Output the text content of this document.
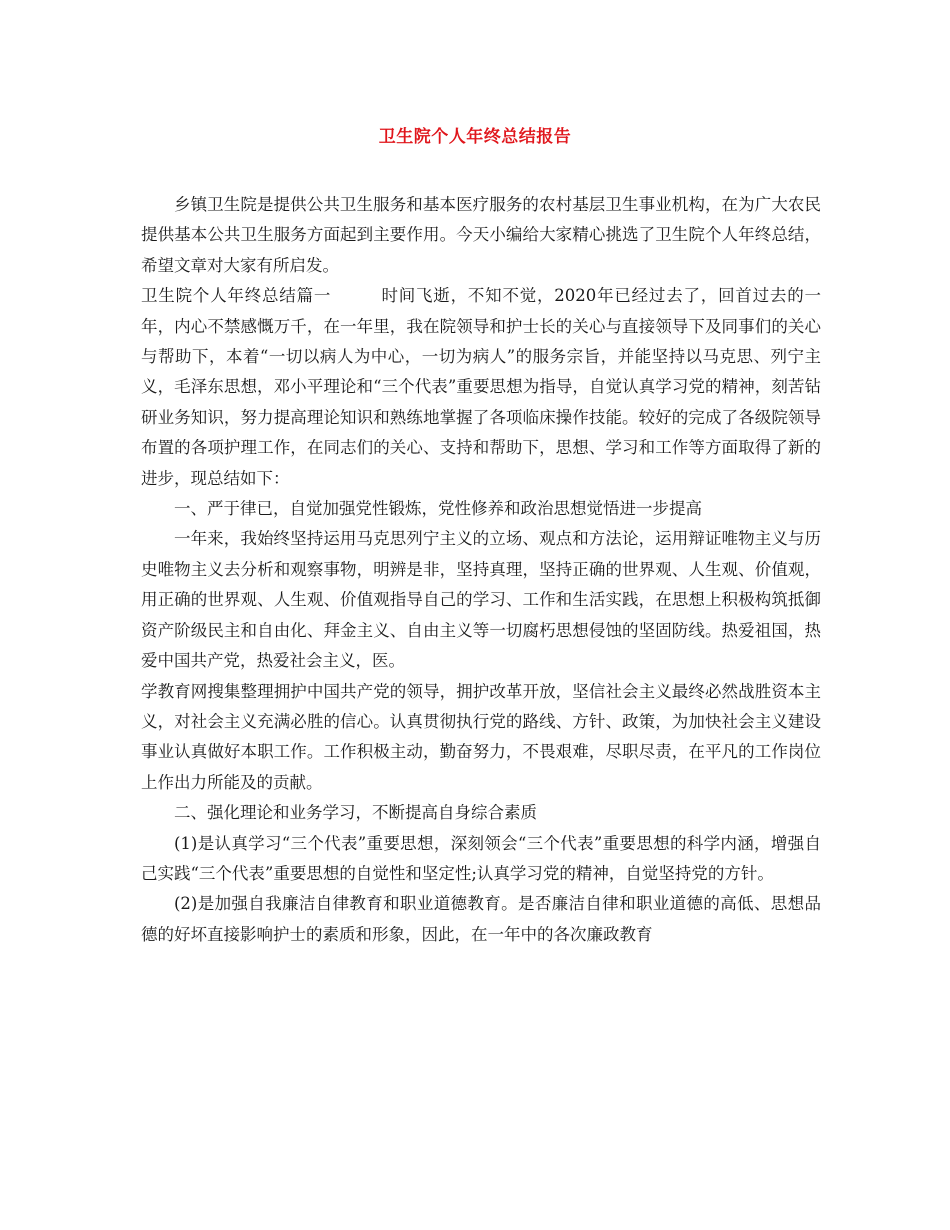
卫生院个人年终总结报告

乡镇卫生院是提供公共卫生服务和基本医疗服务的农村基层卫生事业机构，在为广大农民提供基本公共卫生服务方面起到主要作用。今天小编给大家精心挑选了卫生院个人年终总结，希望文章对大家有所启发。

卫生院个人年终总结篇一	时间飞逝，不知不觉，2020年已经过去了，回首过去的一年，内心不禁感慨万千，在一年里，我在院领导和护士长的关心与直接领导下及同事们的关心与帮助下，本着“一切以病人为中心，一切为病人”的服务宗旨，并能坚持以马克思、列宁主义，毛泽东思想，邓小平理论和“三个代表”重要思想为指导，自觉认真学习党的精神，刻苦钻研业务知识，努力提高理论知识和熟练地掌握了各项临床操作技能。较好的完成了各级院领导布置的各项护理工作，在同志们的关心、支持和帮助下，思想、学习和工作等方面取得了新的进步，现总结如下：

一、严于律已，自觉加强党性锻炼，党性修养和政治思想觉悟进一步提高

一年来，我始终坚持运用马克思列宁主义的立场、观点和方法论，运用辩证唯物主义与历史唯物主义去分析和观察事物，明辨是非，坚持真理，坚持正确的世界观、人生观、价值观，用正确的世界观、人生观、价值观指导自己的学习、工作和生活实践，在思想上积极构筑抵御资产阶级民主和自由化、拜金主义、自由主义等一切腐朽思想侵蚀的坚固防线。热爱祖国，热爱中国共产党，热爱社会主义，医。

学教育网搜集整理拥护中国共产党的领导，拥护改革开放，坚信社会主义最终必然战胜资本主义，对社会主义充满必胜的信心。认真贯彻执行党的路线、方针、政策，为加快社会主义建设事业认真做好本职工作。工作积极主动，勤奋努力，不畏艰难，尽职尽责，在平凡的工作岗位上作出力所能及的贡献。

二、强化理论和业务学习，不断提高自身综合素质

(1)是认真学习“三个代表”重要思想，深刻领会“三个代表”重要思想的科学内涵，增强自己实践“三个代表”重要思想的自觉性和坚定性;认真学习党的精神，自觉坚持党的方针。

(2)是加强自我廉洁自律教育和职业道德教育。是否廉洁自律和职业道德的高低、思想品德的好坏直接影响护士的素质和形象，因此，在一年中的各次廉政教育
